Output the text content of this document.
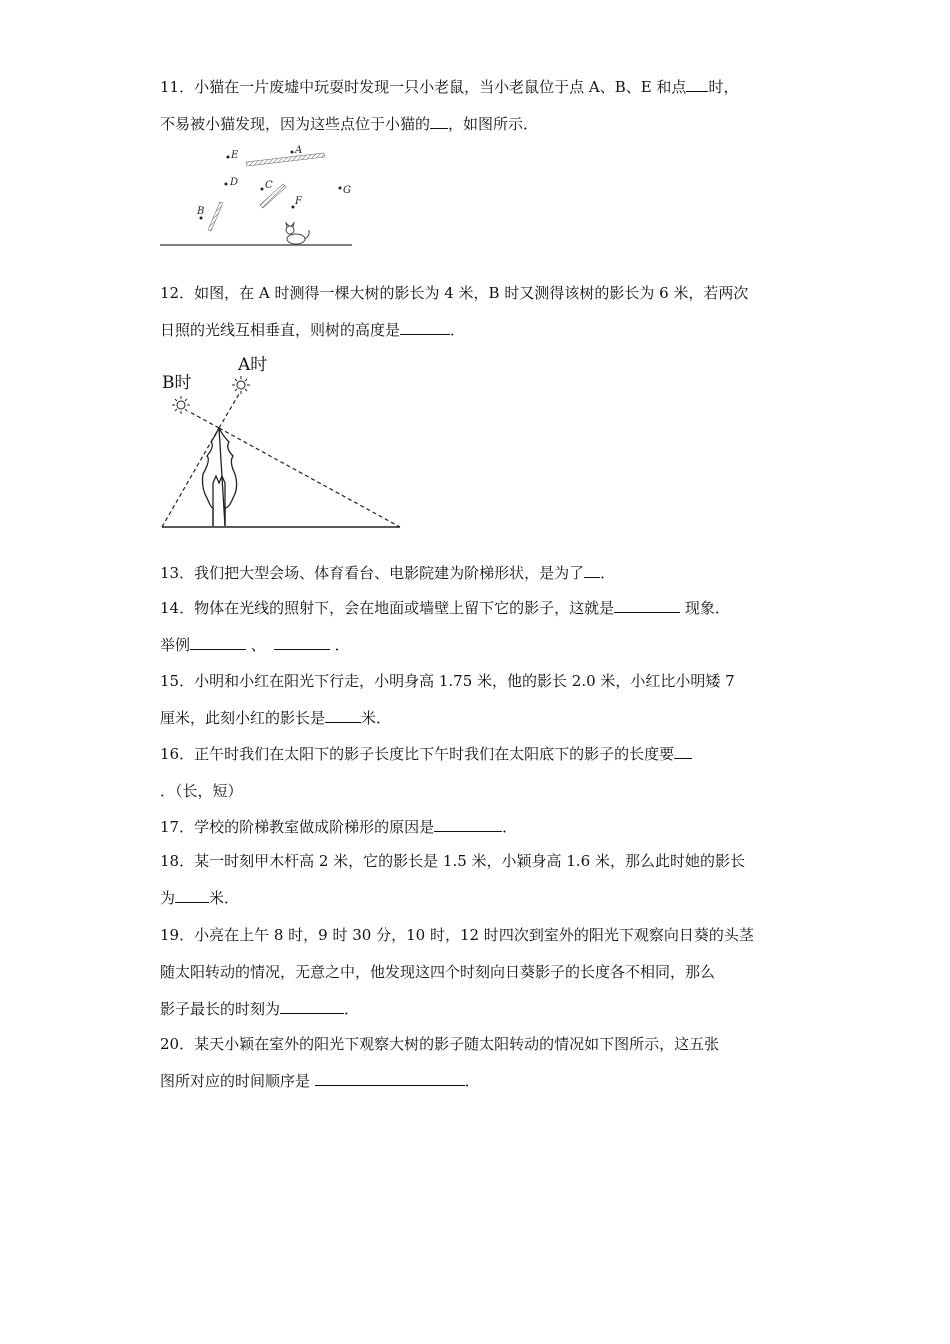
11．小猫在一片废墟中玩耍时发现一只小老鼠，当小老鼠位于点 A、B、E 和点 时，
不易被小猫发现，因为这些点位于小猫的 ，如图所示．
E	A
D	C	G
B
F
12．如图，在 A 时测得一棵大树的影长为 4 米，B 时又测得该树的影长为 6 米，若两次
日照的光线互相垂直，则树的高度是	．
B时
A时
13．我们把大型会场、体育看台、电影院建为阶梯形状，是为了 ．
14．物体在光线的照射下，会在地面或墙壁上留下它的影子，这就是	现象．
举例	、	．
15．小明和小红在阳光下行走，小明身高 1.75 米，他的影长 2.0 米，小红比小明矮 7
厘米，此刻小红的影长是 米．
16．正午时我们在太阳下的影子长度比下午时我们在太阳底下的影子的长度要
．（长，短）
17．学校的阶梯教室做成阶梯形的原因是	．
18．某一时刻甲木杆高 2 米，它的影长是 1.5 米，小颖身高 1.6 米，那么此时她的影长
为 米．
19．小亮在上午 8 时，9 时 30 分，10 时，12 时四次到室外的阳光下观察向日葵的头茎
随太阳转动的情况，无意之中，他发现这四个时刻向日葵影子的长度各不相同，那么
影子最长的时刻为	．
20．某天小颖在室外的阳光下观察大树的影子随太阳转动的情况如下图所示，这五张
图所对应的时间顺序是	．
